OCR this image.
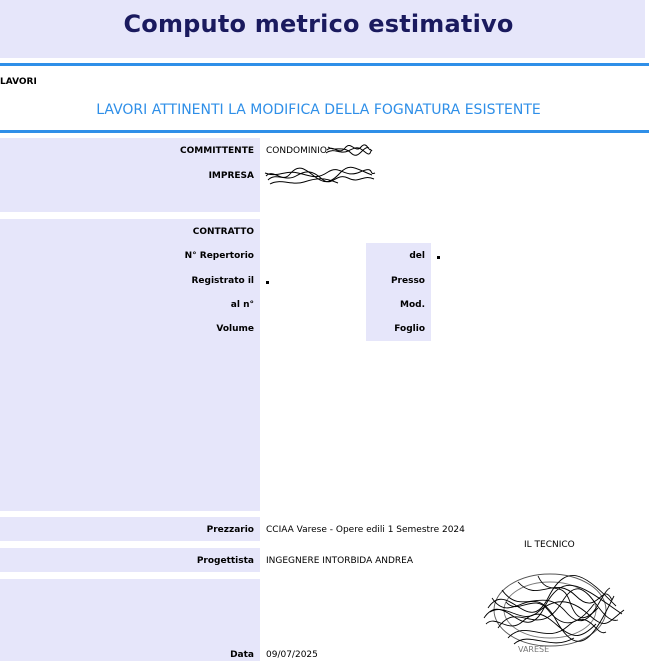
Computo metrico estimativo
LAVORI
LAVORI ATTINENTI LA MODIFICA DELLA FOGNATURA ESISTENTE
COMMITTENTE CONDOMINIO
IMPRESA
CONTRATTO
N° Repertorio	del
Registrato il	Presso
al n°	Mod.
Volume	Foglio
Prezzario CCIAA Varese - Opere edili 1 Semestre 2024
IL TECNICO
Progettista INGEGNERE INTORBIDA ANDREA
VARESE
Data 09/07/2025
